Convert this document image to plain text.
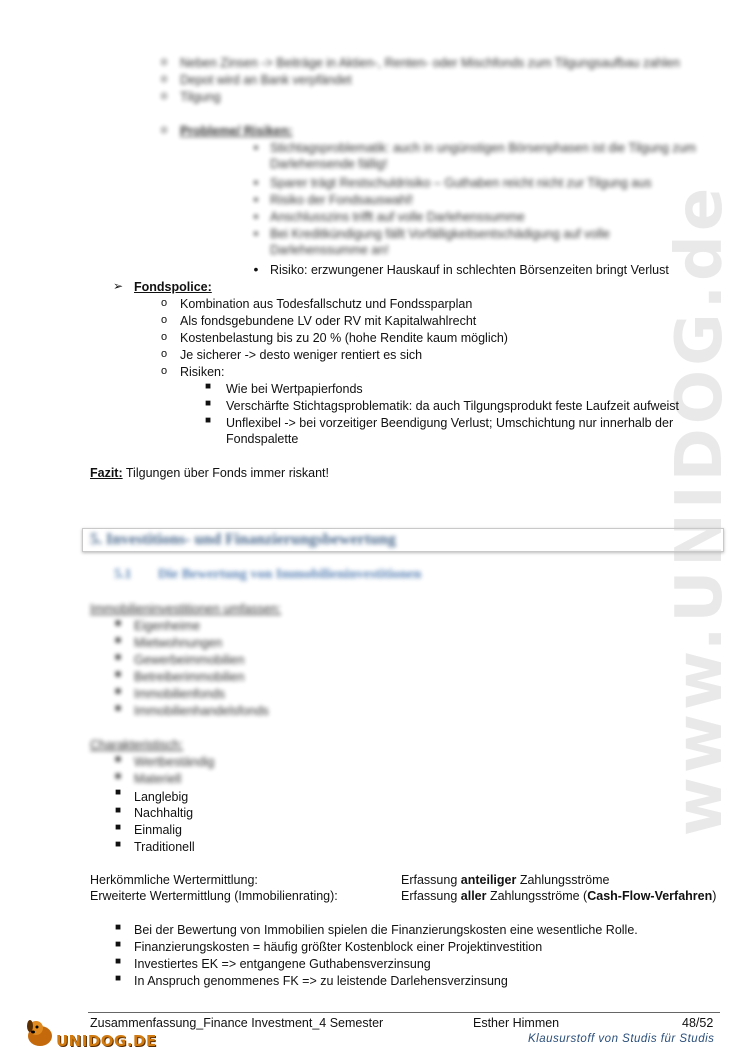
www.UNIDOG.de
o	Neben Zinsen -> Beiträge in Aktien-, Renten- oder Mischfonds zum Tilgungsaufbau zahlen
o	Depot wird an Bank verpfändet
o	Tilgung
o	Probleme/ Risiken:
• Stichtagsproblematik: auch in ungünstigen Börsenphasen ist die Tilgung zum
Darlehensende fällig!
• Sparer trägt Restschuldrisiko – Guthaben reicht nicht zur Tilgung aus
• Risiko der Fondsauswahl!
• Anschlusszins trifft auf volle Darlehenssumme
• Bei Kreditkündigung fällt Vorfälligkeitsentschädigung auf volle
Darlehenssumme an!
• Risiko: erzwungener Hauskauf in schlechten Börsenzeiten bringt Verlust
➢ Fondspolice:
o	Kombination aus Todesfallschutz und Fondssparplan
o	Als fondsgebundene LV oder RV mit Kapitalwahlrecht
o	Kostenbelastung bis zu 20 % (hohe Rendite kaum möglich)
o	Je sicherer -> desto weniger rentiert es sich
o	Risiken:
■	Wie bei Wertpapierfonds
■	Verschärfte Stichtagsproblematik: da auch Tilgungsprodukt feste Laufzeit aufweist
■	Unflexibel -> bei vorzeitiger Beendigung Verlust; Umschichtung nur innerhalb der
Fondspalette
Fazit: Tilgungen über Fonds immer riskant!
5. Investitions- und Finanzierungsbewertung
5.1 Die Bewertung von Immobilieninvestitionen
Immobilieninvestitionen umfassen:
■	Eigenheime
■	Mietwohnungen
■	Gewerbeimmobilien
■	Betreiberimmobilien
■	Immobilienfonds
■	Immobilienhandelsfonds
Charakteristisch:
■	Wertbeständig
■	Materiell
■	Langlebig
■	Nachhaltig
■	Einmalig
■	Traditionell
Herkömmliche Wertermittlung:	Erfassung anteiliger Zahlungsströme
Erweiterte Wertermittlung (Immobilienrating):	Erfassung aller Zahlungsströme (Cash-Flow-Verfahren)
■	Bei der Bewertung von Immobilien spielen die Finanzierungskosten eine wesentliche Rolle.
■	Finanzierungskosten = häufig größter Kostenblock einer Projektinvestition
■	Investiertes EK => entgangene Guthabensverzinsung
■	In Anspruch genommenes FK => zu leistende Darlehensverzinsung
Zusammenfassung_Finance Investment_4 Semester	Esther Himmen	48/52
UNIDOG.DE	Klausurstoff von Studis für Studis
